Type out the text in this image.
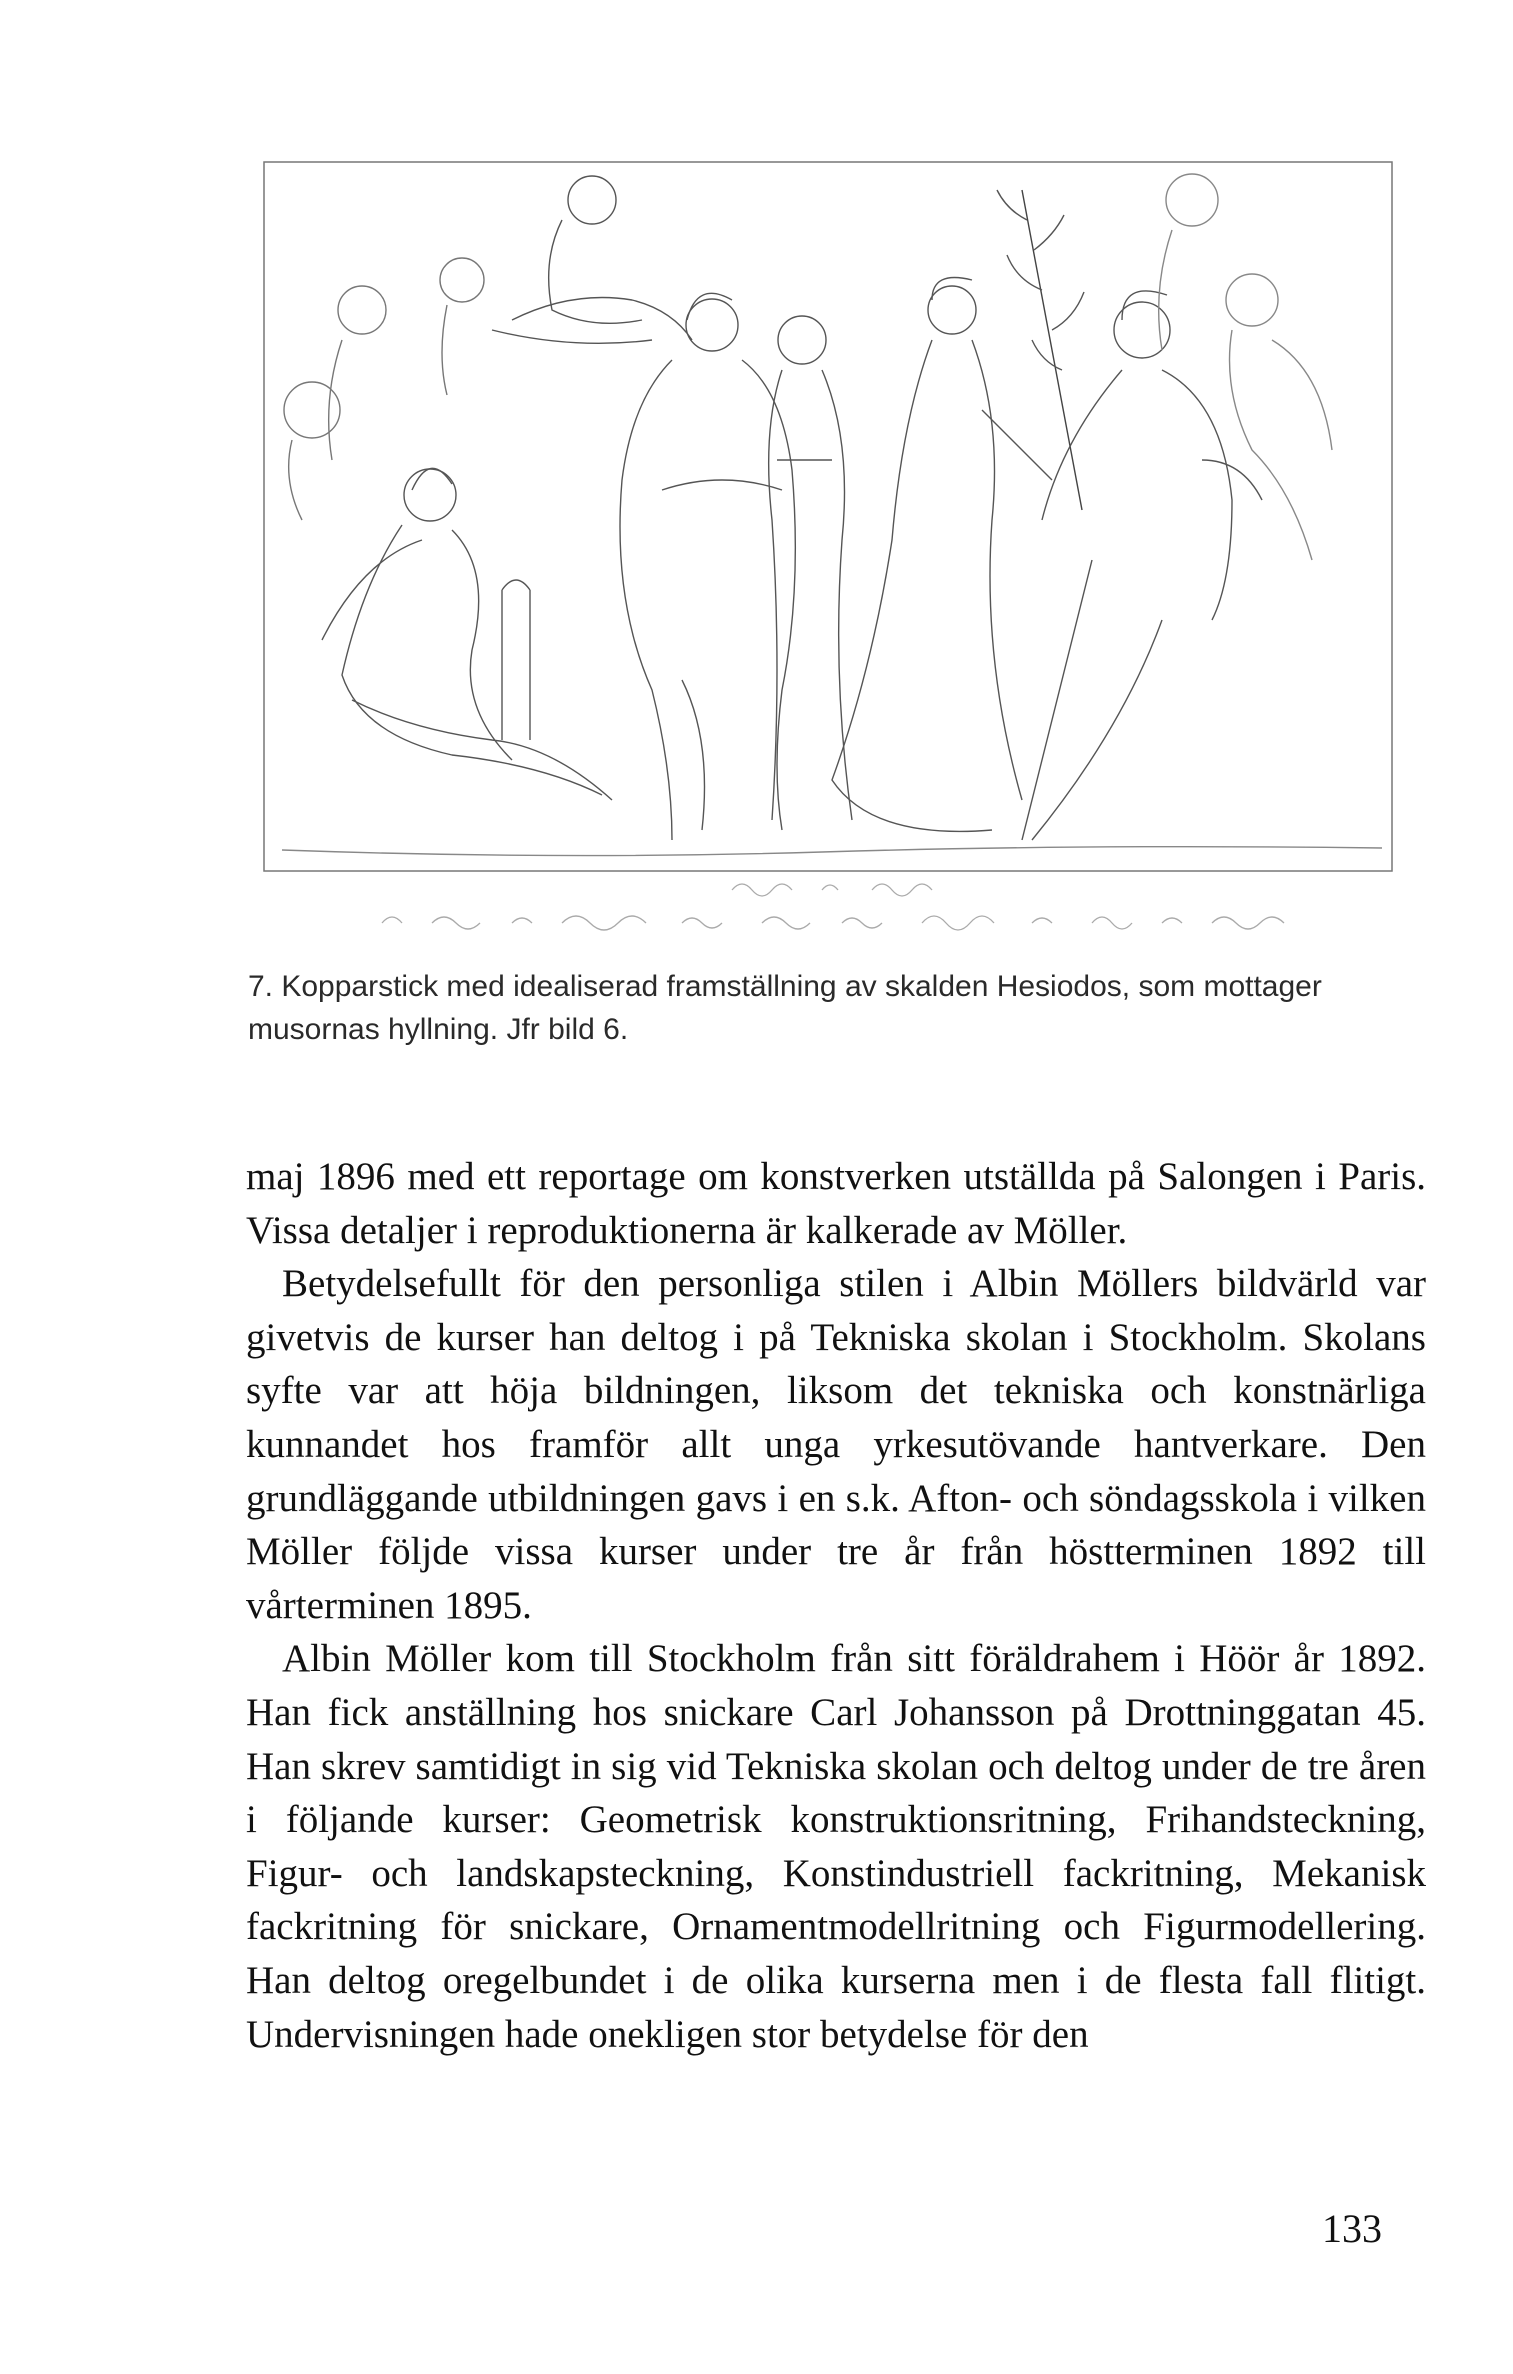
7. Kopparstick med idealiserad framställning av skalden Hesiodos, som mottager musornas hyllning. Jfr bild 6.

maj 1896 med ett reportage om konstverken utställda på Salongen i Paris. Vissa detaljer i reproduktionerna är kalkerade av Möller.

Betydelsefullt för den personliga stilen i Albin Möllers bildvärld var givetvis de kurser han deltog i på Tekniska skolan i Stockholm. Skolans syfte var att höja bildningen, liksom det tekniska och konstnärliga kunnandet hos framför allt unga yrkesutövande hantverkare. Den grundläggande utbildningen gavs i en s.k. Afton- och söndagsskola i vilken Möller följde vissa kurser under tre år från höstterminen 1892 till vårterminen 1895.

Albin Möller kom till Stockholm från sitt föräldrahem i Höör år 1892. Han fick anställning hos snickare Carl Johansson på Drottninggatan 45. Han skrev samtidigt in sig vid Tekniska skolan och deltog under de tre åren i följande kurser: Geometrisk konstruktionsritning, Frihandsteckning, Figur- och landskapsteckning, Konstindustriell fackritning, Mekanisk fackritning för snickare, Ornamentmodellritning och Figurmodellering. Han deltog oregelbundet i de olika kurserna men i de flesta fall flitigt. Undervisningen hade onekligen stor betydelse för den

133
